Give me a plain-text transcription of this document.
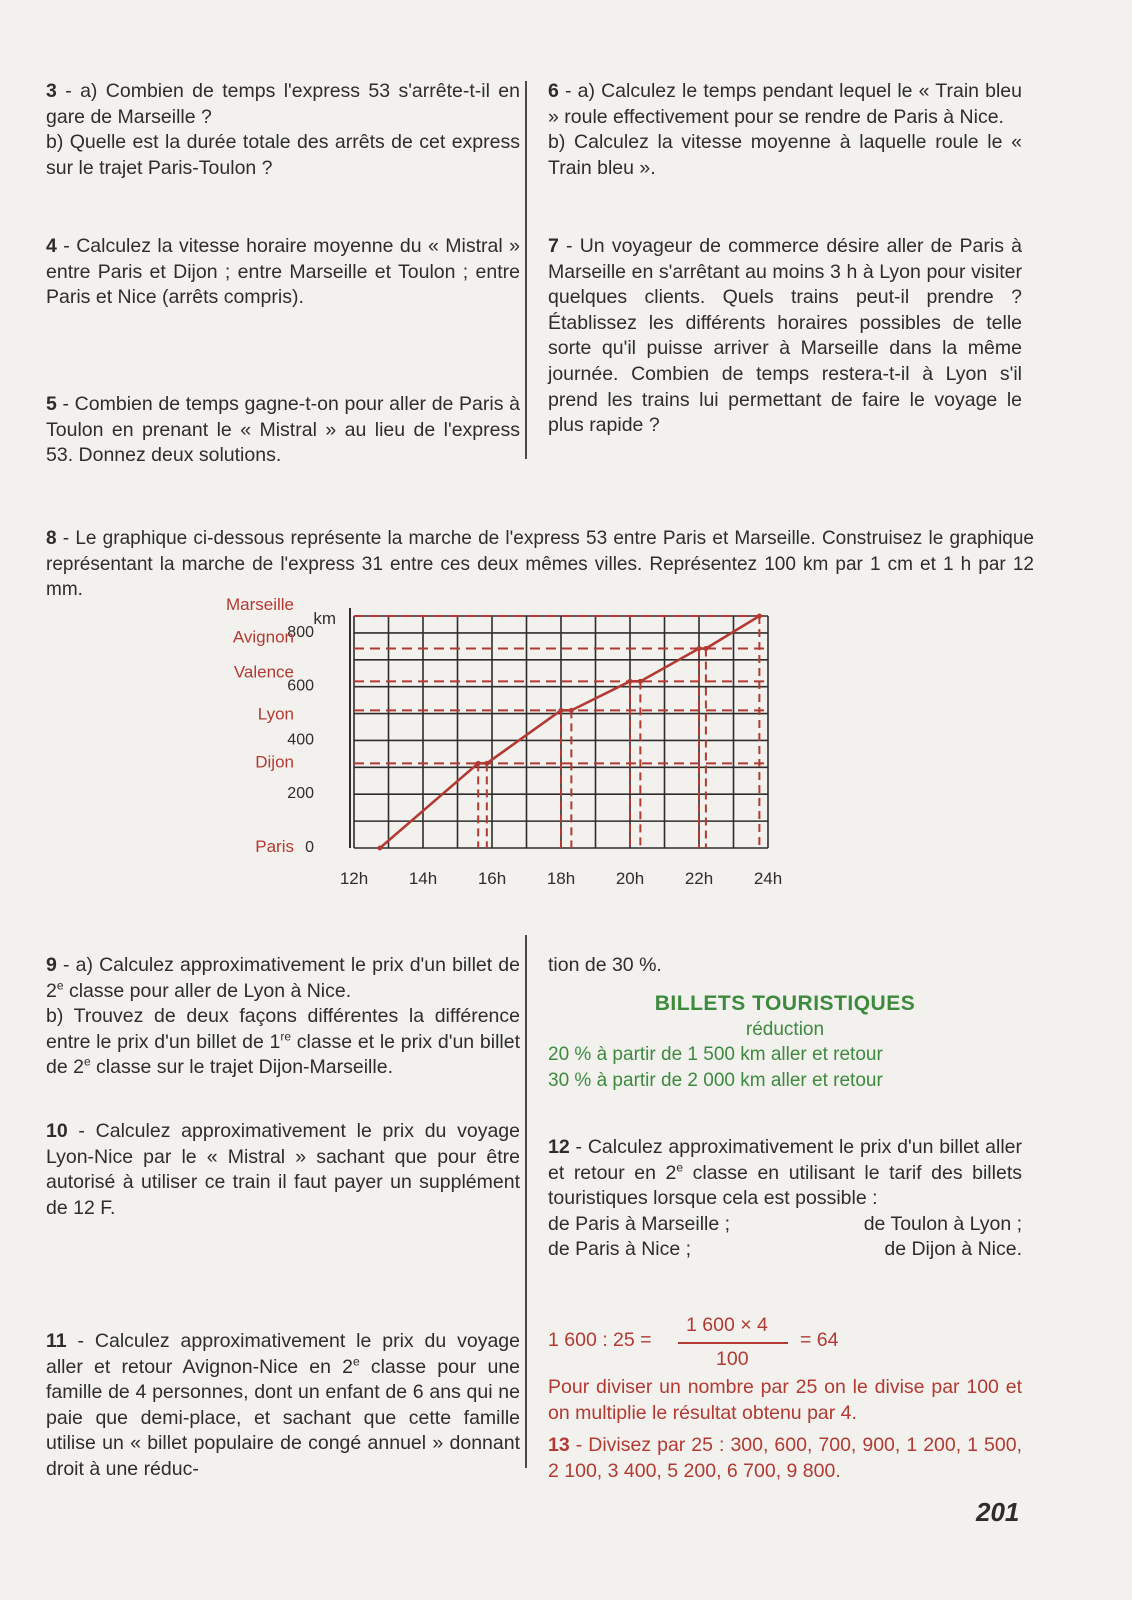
3 - a) Combien de temps l'express 53 s'arrête-t-il en gare de Marseille ?

b) Quelle est la durée totale des arrêts de cet express sur le trajet Paris-Toulon ?

4 - Calculez la vitesse horaire moyenne du « Mistral » entre Paris et Dijon ; entre Marseille et Toulon ; entre Paris et Nice (arrêts compris).

5 - Combien de temps gagne-t-on pour aller de Paris à Toulon en prenant le « Mistral » au lieu de l'express 53. Donnez deux solutions.

6 - a) Calculez le temps pendant lequel le « Train bleu » roule effectivement pour se rendre de Paris à Nice.

b) Calculez la vitesse moyenne à laquelle roule le « Train bleu ».

7 - Un voyageur de commerce désire aller de Paris à Marseille en s'arrêtant au moins 3 h à Lyon pour visiter quelques clients. Quels trains peut-il prendre ? Établissez les différents horaires possibles de telle sorte qu'il puisse arriver à Marseille dans la même journée. Combien de temps restera-t-il à Lyon s'il prend les trains lui permettant de faire le voyage le plus rapide ?

8 - Le graphique ci-dessous représente la marche de l'express 53 entre Paris et Marseille. Construisez le graphique représentant la marche de l'express 31 entre ces deux mêmes villes. Représentez 100 km par 1 cm et 1 h par 12 mm.

12h 14h 16h 18h 20h 22h 24h
0
200
400
600
800
km
Paris
Dijon
Lyon
Valence
Avignon
Marseille

9 - a) Calculez approximativement le prix d'un billet de 2e classe pour aller de Lyon à Nice.

b) Trouvez de deux façons différentes la différence entre le prix d'un billet de 1re classe et le prix d'un billet de 2e classe sur le trajet Dijon-Marseille.

10 - Calculez approximativement le prix du voyage Lyon-Nice par le « Mistral » sachant que pour être autorisé à utiliser ce train il faut payer un supplément de 12 F.

11 - Calculez approximativement le prix du voyage aller et retour Avignon-Nice en 2e classe pour une famille de 4 personnes, dont un enfant de 6 ans qui ne paie que demi-place, et sachant que cette famille utilise un « billet populaire de congé annuel » donnant droit à une réduc-

tion de 30 %.

BILLETS TOURISTIQUES

réduction

20 % à partir de 1 500 km aller et retour

30 % à partir de 2 000 km aller et retour

12 - Calculez approximativement le prix d'un billet aller et retour en 2e classe en utilisant le tarif des billets touristiques lorsque cela est possible :

de Paris à Marseille ;	de Toulon à Lyon ;
de Paris à Nice ;	de Dijon à Nice.
1 600 : 25 =
1 600 × 4
100
= 64

Pour diviser un nombre par 25 on le divise par 100 et on multiplie le résultat obtenu par 4.

13 - Divisez par 25 : 300, 600, 700, 900, 1 200, 1 500, 2 100, 3 400, 5 200, 6 700, 9 800.

201
